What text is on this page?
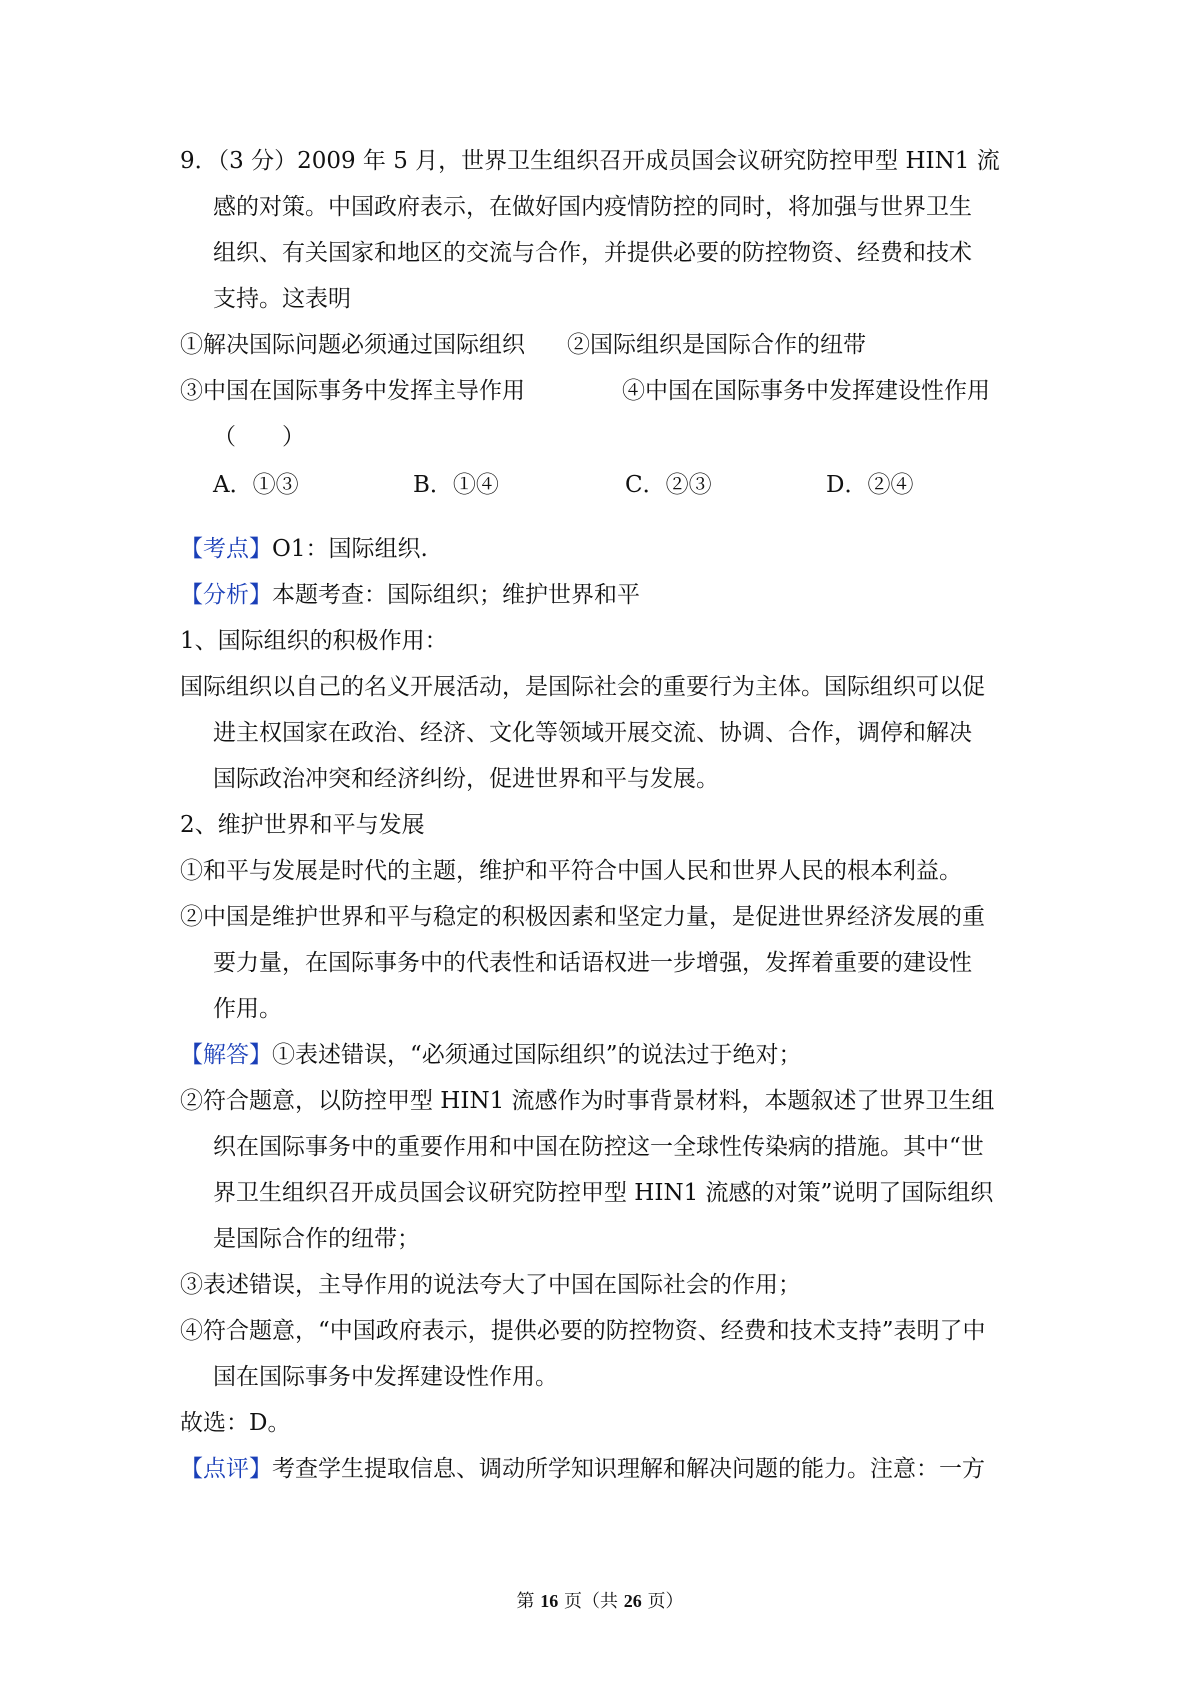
9．（3 分）2009 年 5 月，世界卫生组织召开成员国会议研究防控甲型 HIN1 流
感的对策。中国政府表示，在做好国内疫情防控的同时，将加强与世界卫生
组织、有关国家和地区的交流与合作，并提供必要的防控物资、经费和技术
支持。这表明
①解决国际问题必须通过国际组织 ②国际组织是国际合作的纽带
③中国在国际事务中发挥主导作用	④中国在国际事务中发挥建设性作用
（　　）
A．①③	B．①④	C．②③	D．②④
【考点】O1：国际组织.
【分析】本题考查：国际组织；维护世界和平
1、国际组织的积极作用：
国际组织以自己的名义开展活动，是国际社会的重要行为主体。国际组织可以促
进主权国家在政治、经济、文化等领域开展交流、协调、合作，调停和解决
国际政治冲突和经济纠纷，促进世界和平与发展。
2、维护世界和平与发展
①和平与发展是时代的主题，维护和平符合中国人民和世界人民的根本利益。
②中国是维护世界和平与稳定的积极因素和坚定力量，是促进世界经济发展的重
要力量，在国际事务中的代表性和话语权进一步增强，发挥着重要的建设性
作用。
【解答】①表述错误，“必须通过国际组织”的说法过于绝对；
②符合题意，以防控甲型 HIN1 流感作为时事背景材料，本题叙述了世界卫生组
织在国际事务中的重要作用和中国在防控这一全球性传染病的措施。其中“世
界卫生组织召开成员国会议研究防控甲型 HIN1 流感的对策”说明了国际组织
是国际合作的纽带；
③表述错误，主导作用的说法夸大了中国在国际社会的作用；
④符合题意，“中国政府表示，提供必要的防控物资、经费和技术支持”表明了中
国在国际事务中发挥建设性作用。
故选：D。
【点评】考查学生提取信息、调动所学知识理解和解决问题的能力。注意：一方
第 16 页（共 26 页）
